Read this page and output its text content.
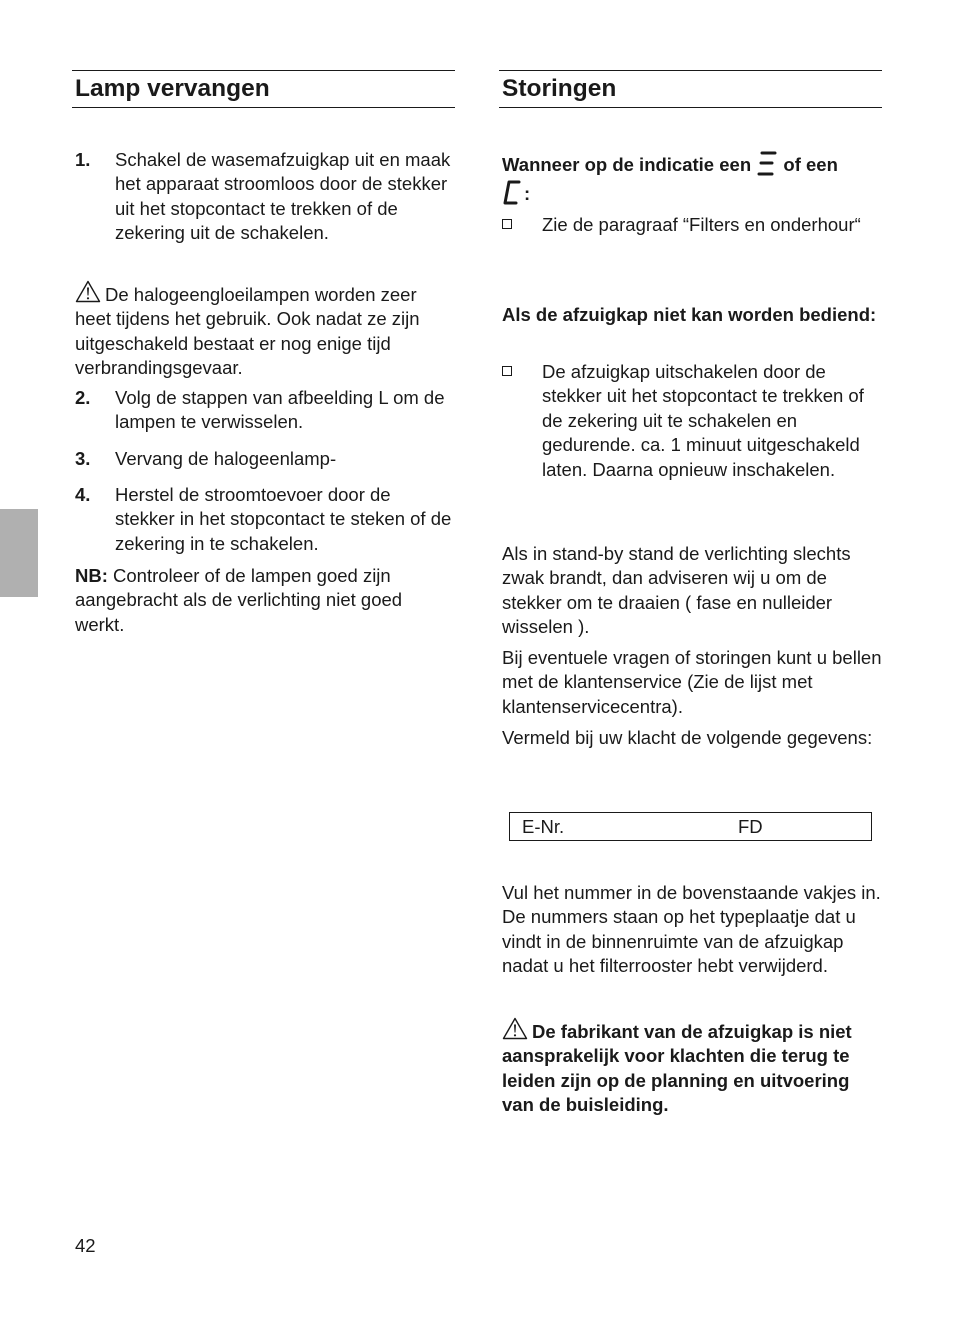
Lamp vervangen
1.	Schakel de wasemafzuigkap uit en maak het apparaat stroomloos door de stekker uit het stopcontact te trekken of de zekering uit de schakelen.

De halogeengloeilampen worden zeer heet tijdens het gebruik. Ook nadat ze zijn uitgeschakeld bestaat er nog enige tijd verbrandingsgevaar.

2.	Volg de stappen van afbeelding L om de lampen te verwisselen.

3.	Vervang de halogeenlamp-

4.	Herstel de stroomtoevoer door de stekker in het stopcontact te steken of de zekering in te schakelen.

NB: Controleer of de lampen goed zijn aangebracht als de verlichting niet goed werkt.

Storingen
Wanneer op de indicatie een of een
:

Zie de paragraaf “Filters en onderhour“

Als de afzuigkap niet kan worden bediend:

De afzuigkap uitschakelen door de stekker uit het stopcontact te trekken of de zekering uit te schakelen en gedurende. ca. 1 minuut uitgeschakeld laten. Daarna opnieuw inschakelen.

Als in stand-by stand de verlichting slechts zwak brandt, dan adviseren wij u om de stekker om te draaien ( fase en nulleider wisselen ).

Bij eventuele vragen of storingen kunt u bellen met de klantenservice (Zie de lijst met klantenservicecentra).

Vermeld bij uw klacht de volgende gegevens:

E-Nr.	FD

Vul het nummer in de bovenstaande vakjes in. De nummers staan op het typeplaatje dat u vindt in de binnenruimte van de afzuigkap nadat u het filterrooster hebt verwijderd.

De fabrikant van de afzuigkap is niet aansprakelijk voor klachten die terug te leiden zijn op de planning en uitvoering van de buisleiding.

42
